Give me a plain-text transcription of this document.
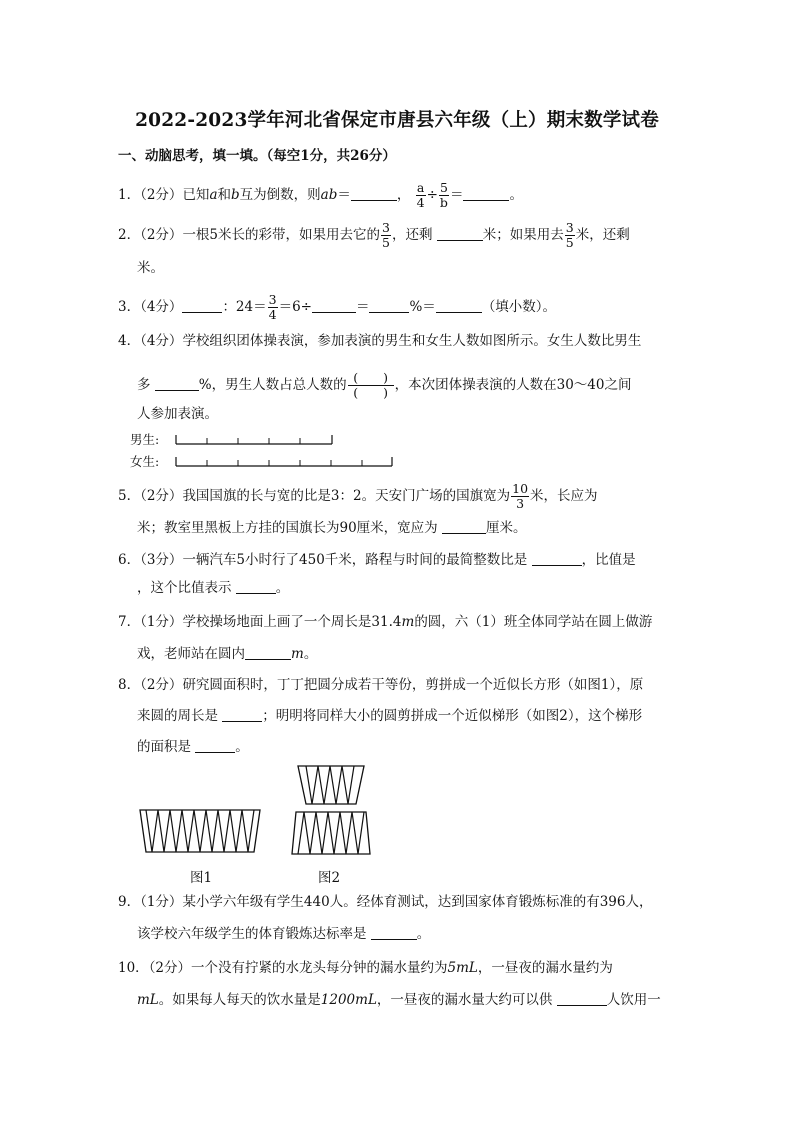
2022-2023学年河北省保定市唐县六年级（上）期末数学试卷
一、动脑思考，填一填。（每空1分，共26分）
1．（2分）已知a和b互为倒数，则ab＝	， $\frac{a}{4} \div \frac{5}{b}$ ＝	。
2．（2分）一根5米长的彩带，如果用去它的 $\frac{3}{5}$ ，还剩	米；如果用去 $\frac{3}{5}$ 米，还剩
米。
3．（4分）	：$24= \frac{3}{4} =6\div$	＝	%＝	（填小数）。
4．（4分）学校组织团体操表演，参加表演的男生和女生人数如图所示。女生人数比男生
多	%，男生人数占总人数的 $\frac{( )}{( )}$ ，本次团体操表演的人数在30～40之间
人参加表演。
男生:
女生:
5．（2分）我国国旗的长与宽的比是3：2。天安门广场的国旗宽为 $\frac{10}{3}$ 米，长应为
米；教室里黑板上方挂的国旗长为90厘米，宽应为	厘米。
6．（3分）一辆汽车5小时行了450千米，路程与时间的最简整数比是	，比值是
，这个比值表示	。
7．（1分）学校操场地面上画了一个周长是31.4m的圆，六（1）班全体同学站在圆上做游
戏，老师站在圆内	m。
8．（2分）研究圆面积时，丁丁把圆分成若干等份，剪拼成一个近似长方形（如图1），原
来圆的周长是	；明明将同样大小的圆剪拼成一个近似梯形（如图2），这个梯形
的面积是	。
图1	图2
9．（1分）某小学六年级有学生440人。经体育测试，达到国家体育锻炼标准的有396人，
该学校六年级学生的体育锻炼达标率是	。
10．（2分）一个没有拧紧的水龙头每分钟的漏水量约为5mL，一昼夜的漏水量约为
mL。如果每人每天的饮水量是1200mL，一昼夜的漏水量大约可以供	人饮用一
